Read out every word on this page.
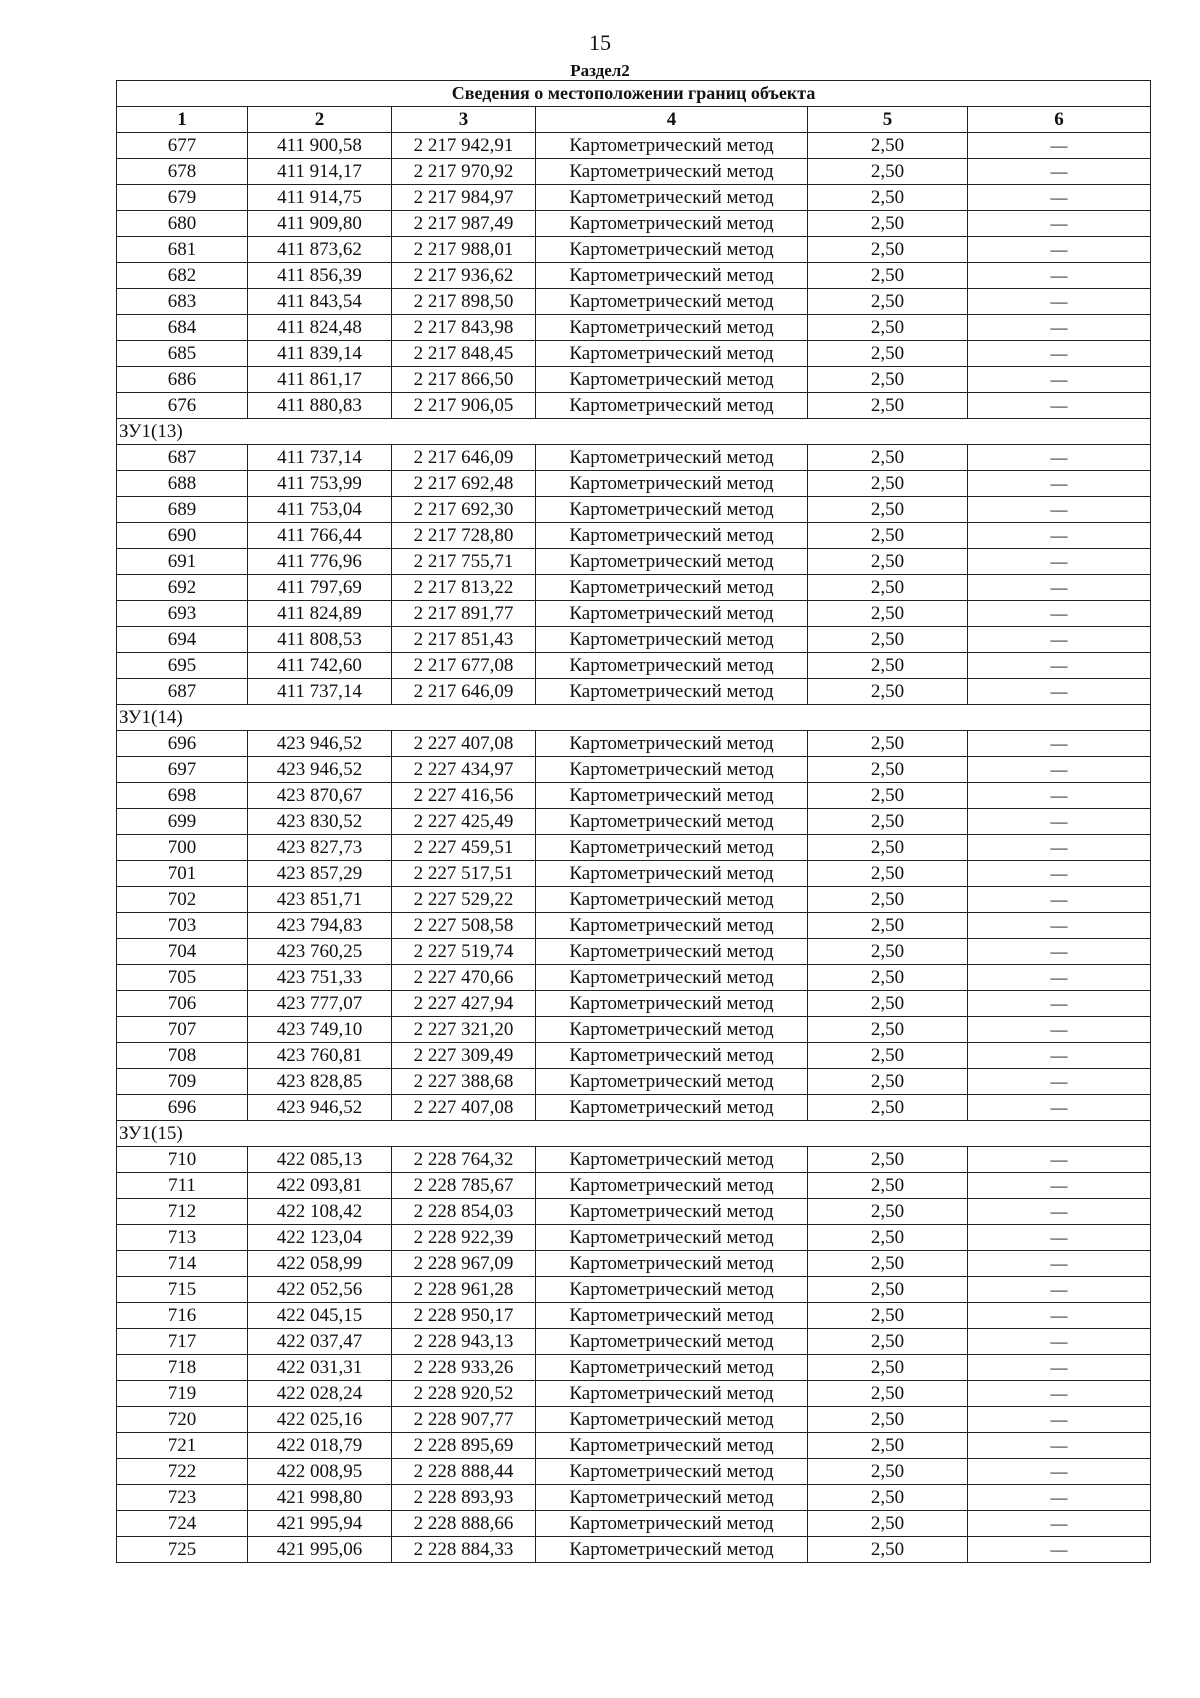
15
Раздел2
Сведения о местоположении границ объекта					
1	2	3	4	5	6
677	411 900,58	2 217 942,91	Картометрический метод	2,50	—
678	411 914,17	2 217 970,92	Картометрический метод	2,50	—
679	411 914,75	2 217 984,97	Картометрический метод	2,50	—
680	411 909,80	2 217 987,49	Картометрический метод	2,50	—
681	411 873,62	2 217 988,01	Картометрический метод	2,50	—
682	411 856,39	2 217 936,62	Картометрический метод	2,50	—
683	411 843,54	2 217 898,50	Картометрический метод	2,50	—
684	411 824,48	2 217 843,98	Картометрический метод	2,50	—
685	411 839,14	2 217 848,45	Картометрический метод	2,50	—
686	411 861,17	2 217 866,50	Картометрический метод	2,50	—
676	411 880,83	2 217 906,05	Картометрический метод	2,50	—
ЗУ1(13)					
687	411 737,14	2 217 646,09	Картометрический метод	2,50	—
688	411 753,99	2 217 692,48	Картометрический метод	2,50	—
689	411 753,04	2 217 692,30	Картометрический метод	2,50	—
690	411 766,44	2 217 728,80	Картометрический метод	2,50	—
691	411 776,96	2 217 755,71	Картометрический метод	2,50	—
692	411 797,69	2 217 813,22	Картометрический метод	2,50	—
693	411 824,89	2 217 891,77	Картометрический метод	2,50	—
694	411 808,53	2 217 851,43	Картометрический метод	2,50	—
695	411 742,60	2 217 677,08	Картометрический метод	2,50	—
687	411 737,14	2 217 646,09	Картометрический метод	2,50	—
ЗУ1(14)					
696	423 946,52	2 227 407,08	Картометрический метод	2,50	—
697	423 946,52	2 227 434,97	Картометрический метод	2,50	—
698	423 870,67	2 227 416,56	Картометрический метод	2,50	—
699	423 830,52	2 227 425,49	Картометрический метод	2,50	—
700	423 827,73	2 227 459,51	Картометрический метод	2,50	—
701	423 857,29	2 227 517,51	Картометрический метод	2,50	—
702	423 851,71	2 227 529,22	Картометрический метод	2,50	—
703	423 794,83	2 227 508,58	Картометрический метод	2,50	—
704	423 760,25	2 227 519,74	Картометрический метод	2,50	—
705	423 751,33	2 227 470,66	Картометрический метод	2,50	—
706	423 777,07	2 227 427,94	Картометрический метод	2,50	—
707	423 749,10	2 227 321,20	Картометрический метод	2,50	—
708	423 760,81	2 227 309,49	Картометрический метод	2,50	—
709	423 828,85	2 227 388,68	Картометрический метод	2,50	—
696	423 946,52	2 227 407,08	Картометрический метод	2,50	—
ЗУ1(15)					
710	422 085,13	2 228 764,32	Картометрический метод	2,50	—
711	422 093,81	2 228 785,67	Картометрический метод	2,50	—
712	422 108,42	2 228 854,03	Картометрический метод	2,50	—
713	422 123,04	2 228 922,39	Картометрический метод	2,50	—
714	422 058,99	2 228 967,09	Картометрический метод	2,50	—
715	422 052,56	2 228 961,28	Картометрический метод	2,50	—
716	422 045,15	2 228 950,17	Картометрический метод	2,50	—
717	422 037,47	2 228 943,13	Картометрический метод	2,50	—
718	422 031,31	2 228 933,26	Картометрический метод	2,50	—
719	422 028,24	2 228 920,52	Картометрический метод	2,50	—
720	422 025,16	2 228 907,77	Картометрический метод	2,50	—
721	422 018,79	2 228 895,69	Картометрический метод	2,50	—
722	422 008,95	2 228 888,44	Картометрический метод	2,50	—
723	421 998,80	2 228 893,93	Картометрический метод	2,50	—
724	421 995,94	2 228 888,66	Картометрический метод	2,50	—
725	421 995,06	2 228 884,33	Картометрический метод	2,50	—
